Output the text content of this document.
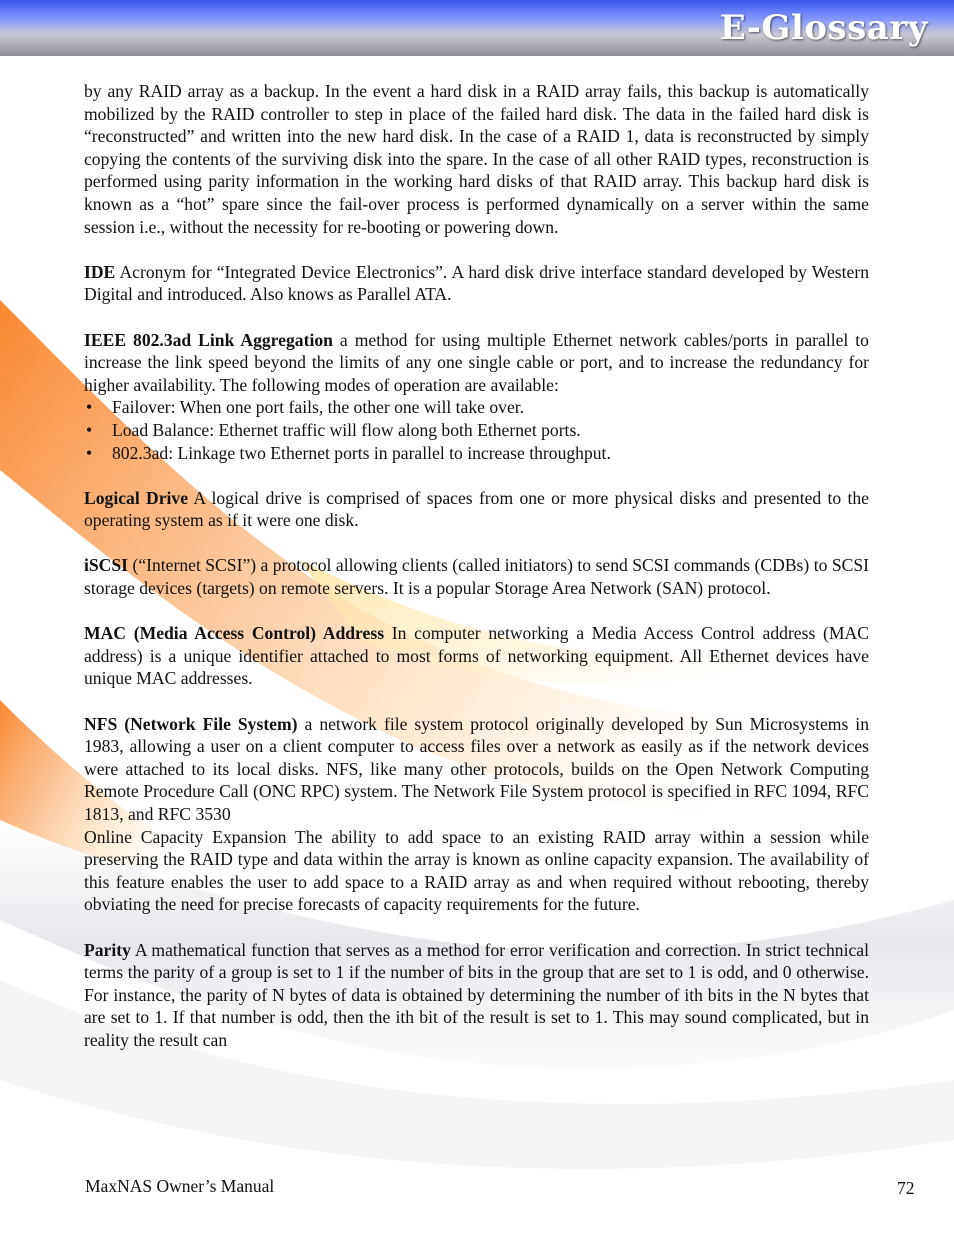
E-Glossary

by any RAID array as a backup. In the event a hard disk in a RAID array fails, this backup is automatically mobilized by the RAID controller to step in place of the failed hard disk. The data in the failed hard disk is “reconstructed” and written into the new hard disk. In the case of a RAID 1, data is reconstructed by simply copying the contents of the surviving disk into the spare. In the case of all other RAID types, reconstruction is performed using parity information in the working hard disks of that RAID array. This backup hard disk is known as a “hot” spare since the fail-over process is performed dynamically on a server within the same session i.e., without the necessity for re-booting or powering down.

IDE Acronym for “Integrated Device Electronics”. A hard disk drive interface standard developed by Western Digital and introduced. Also knows as Parallel ATA.

IEEE 802.3ad Link Aggregation a method for using multiple Ethernet network cables/ports in parallel to increase the link speed beyond the limits of any one single cable or port, and to increase the redundancy for higher availability. The following modes of operation are available:

• Failover: When one port fails, the other one will take over.
• Load Balance: Ethernet traffic will flow along both Ethernet ports.
• 802.3ad: Linkage two Ethernet ports in parallel to increase throughput.

Logical Drive A logical drive is comprised of spaces from one or more physical disks and presented to the operating system as if it were one disk.

iSCSI (“Internet SCSI”) a protocol allowing clients (called initiators) to send SCSI commands (CDBs) to SCSI storage devices (targets) on remote servers. It is a popular Storage Area Network (SAN) protocol.

MAC (Media Access Control) Address In computer networking a Media Access Control address (MAC address) is a unique identifier attached to most forms of networking equipment. All Ethernet devices have unique MAC addresses.

NFS (Network File System) a network file system protocol originally developed by Sun Microsystems in 1983, allowing a user on a client computer to access files over a network as easily as if the network devices were attached to its local disks. NFS, like many other protocols, builds on the Open Network Computing Remote Procedure Call (ONC RPC) system. The Network File System protocol is specified in RFC 1094, RFC 1813, and RFC 3530

Online Capacity Expansion The ability to add space to an existing RAID array within a session while preserving the RAID type and data within the array is known as online capacity expansion. The availability of this feature enables the user to add space to a RAID array as and when required without rebooting, thereby obviating the need for precise forecasts of capacity requirements for the future.

Parity A mathematical function that serves as a method for error verification and correction. In strict technical terms the parity of a group is set to 1 if the number of bits in the group that are set to 1 is odd, and 0 otherwise. For instance, the parity of N bytes of data is obtained by determining the number of ith bits in the N bytes that are set to 1. If that number is odd, then the ith bit of the result is set to 1. This may sound complicated, but in reality the result can

MaxNAS Owner’s Manual	72
